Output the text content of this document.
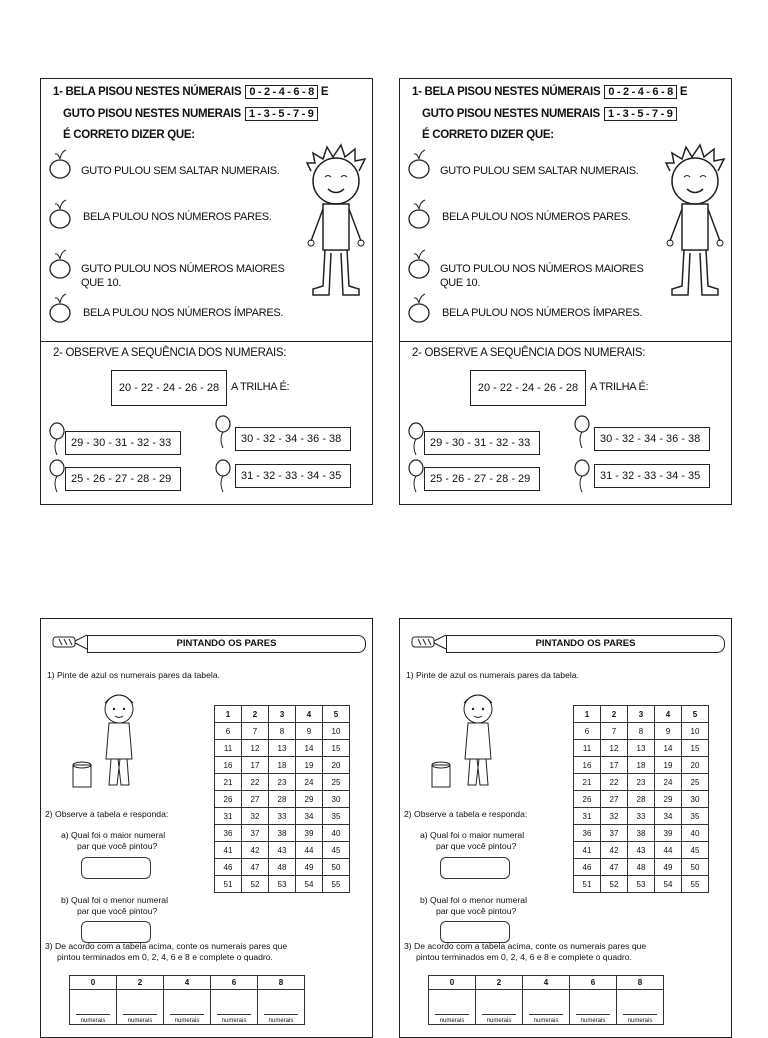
1- BELA PISOU NESTES NÚMERAIS 0 - 2 - 4 - 6 - 8 E
GUTO PISOU NESTES NUMERAIS 1 - 3 - 5 - 7 - 9
É CORRETO DIZER QUE:
GUTO PULOU SEM SALTAR NUMERAIS.
BELA PULOU NOS NÚMEROS PARES.
GUTO PULOU NOS NÚMEROS MAIORES
QUE 10.
BELA PULOU NOS NÚMEROS ÍMPARES.
2- OBSERVE A SEQUÊNCIA DOS NUMERAIS:
20 - 22 - 24 - 26 - 28	A TRILHA É:
29 - 30 - 31 - 32 - 33	30 - 32 - 34 - 36 - 38
25 - 26 - 27 - 28 - 29	31 - 32 - 33 - 34 - 35
1- BELA PISOU NESTES NÚMERAIS 0 - 2 - 4 - 6 - 8 E
GUTO PISOU NESTES NUMERAIS 1 - 3 - 5 - 7 - 9
É CORRETO DIZER QUE:
GUTO PULOU SEM SALTAR NUMERAIS.
BELA PULOU NOS NÚMEROS PARES.
GUTO PULOU NOS NÚMEROS MAIORES
QUE 10.
BELA PULOU NOS NÚMEROS ÍMPARES.
2- OBSERVE A SEQUÊNCIA DOS NUMERAIS:
20 - 22 - 24 - 26 - 28	A TRILHA É:
29 - 30 - 31 - 32 - 33	30 - 32 - 34 - 36 - 38
25 - 26 - 27 - 28 - 29	31 - 32 - 33 - 34 - 35
PINTANDO OS PARES
1) Pinte de azul os numerais pares da tabela.
1	2	3	4	5
6	7	8	9	10
11	12	13	14	15
16	17	18	19	20
21	22	23	24	25
26	27	28	29	30
31	32	33	34	35
36	37	38	39	40
41	42	43	44	45
46	47	48	49	50
51	52	53	54	55
2) Observe a tabela e responda:
a) Qual foi o maior numeral
par que você pintou?
b) Qual foi o menor numeral
par que você pintou?
3) De acordo com a tabela acima, conte os numerais pares que
pintou terminados em 0, 2, 4, 6 e 8 e complete o quadro.
0	2	4	6	8

numerais	numerais	numerais	numerais	numerais
PINTANDO OS PARES
1) Pinte de azul os numerais pares da tabela.
1	2	3	4	5
6	7	8	9	10
11	12	13	14	15
16	17	18	19	20
21	22	23	24	25
26	27	28	29	30
31	32	33	34	35
36	37	38	39	40
41	42	43	44	45
46	47	48	49	50
51	52	53	54	55
2) Observe a tabela e responda:
a) Qual foi o maior numeral
par que você pintou?
b) Qual foi o menor numeral
par que você pintou?
3) De acordo com a tabela acima, conte os numerais pares que
pintou terminados em 0, 2, 4, 6 e 8 e complete o quadro.
0	2	4	6	8

numerais	numerais	numerais	numerais	numerais
